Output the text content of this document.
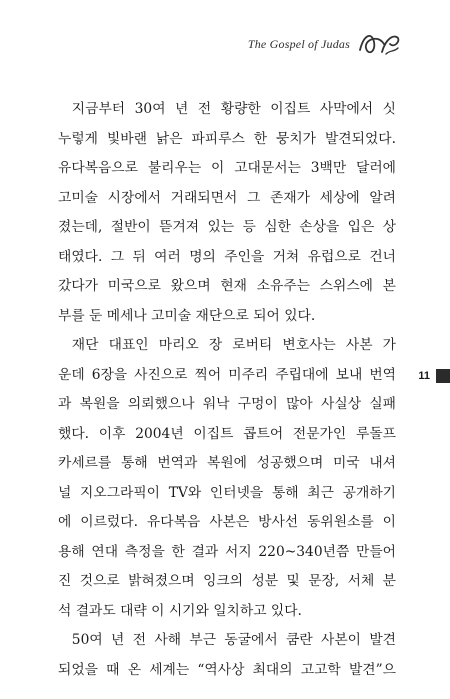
The Gospel of Judas

지금부터 30여 년 전 황량한 이집트 사막에서 싯
누렇게 빛바랜 낡은 파피루스 한 뭉치가 발견되었다.
유다복음으로 불리우는 이 고대문서는 3백만 달러에
고미술 시장에서 거래되면서 그 존재가 세상에 알려
졌는데, 절반이 뜯겨져 있는 등 심한 손상을 입은 상
태였다. 그 뒤 여러 명의 주인을 거쳐 유럽으로 건너
갔다가 미국으로 왔으며 현재 소유주는 스위스에 본
부를 둔 메세나 고미술 재단으로 되어 있다.

재단 대표인 마리오 장 로버티 변호사는 사본 가
운데 6장을 사진으로 찍어 미주리 주립대에 보내 번역
과 복원을 의뢰했으나 워낙 구멍이 많아 사실상 실패
했다. 이후 2004년 이집트 콥트어 전문가인 루돌프
카세르를 통해 번역과 복원에 성공했으며 미국 내셔
널 지오그라픽이 TV와 인터넷을 통해 최근 공개하기
에 이르렀다. 유다복음 사본은 방사선 동위원소를 이
용해 연대 측정을 한 결과 서지 220~340년쯤 만들어
진 것으로 밝혀졌으며 잉크의 성분 및 문장, 서체 분
석 결과도 대략 이 시기와 일치하고 있다.

50여 년 전 사해 부근 동굴에서 쿰란 사본이 발견
되었을 때 온 세계는 “역사상 최대의 고고학 발견”으

11
